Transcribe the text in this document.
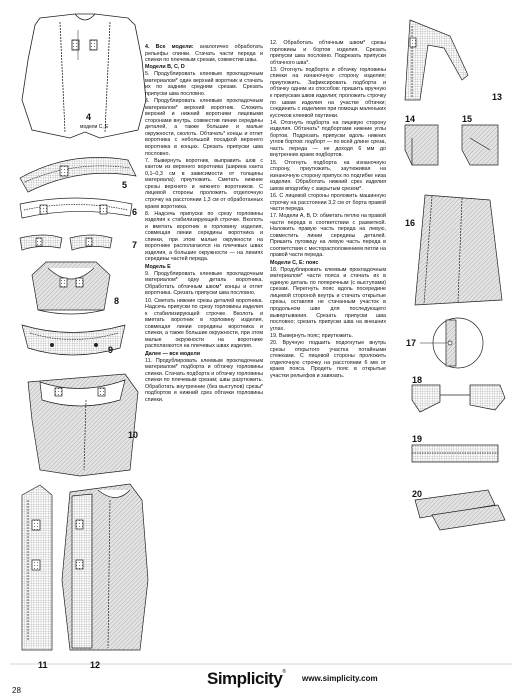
4
модели C, E
5
6
7
8
9
10
11	12
13
14	15
16
17
18
19
20

4. Все модели: аналогично обработать рельефы спинки. Стачать части переда и спинки по плечевым срезам, совместив швы.

Модели B, C, D

5. Продублировать клеевым прокладочным материалом* один верхний воротник и стачать их по задним средним срезам. Срезать припуски шва пословно.

6. Продублировать клеевым прокладочным материалом* верхний воротник. Сложить верхний и нижний воротники лицевыми сторонами внутрь, совместив линии середины деталей, а также большие и малые окружности, сколоть. Обтачать* концы и отлет воротника с небольшой посадкой верхнего воротника в концах. Срезать припуски шва пословно.

7. Вывернуть воротник, выправить шов с кантом из верхнего воротника (ширина канта 0,1–0,3 см в зависимости от толщины материала); приутюжить. Сметать нижние срезы верхнего и нижнего воротников. С лицевой стороны проложить отделочную строчку на расстоянии 1,3 см от обработанных краев воротника.

8. Надсечь припуски по срезу горловины изделия к стабилизирующей строчке. Вколоть и вметать воротник в горловину изделия, совмещая линии середины воротника и спинки, при этом малые окружности на воротнике располагаются на плечевых швах изделия, а большие окружности — на линиях середины частей переда.

Модель E

9. Продублировать клеевым прокладочным материалом* одну деталь воротника. Обработать обтачным швом* концы и отлет воротника. Срезать припуски шва пословно.

10. Сметать нижние срезы деталей воротника. Надсечь припуски по срезу горловины изделия к стабилизирующей строчке. Вколоть и вметать воротник в горловину изделия, совмещая линии середины воротника и спинки, а также большие окружности, при этом малые окружности на воротнике располагаются на плечевых швах изделия.

Далее — все модели

11. Продублировать клеевым прокладочным материалом* подборта и обтачку горловины спинки. Стачать подборта и обтачку горловины спинки по плечевым срезам; швы разутюжить. Обработать внутренние (без выступов) срезы* подбортов и нижний срез обтачки горловины спинки.

12. Обработать обтачным швом* срезы горловины и бортов изделия. Срезать припуски шва пословно. Подрезать припуски обтачного шва*.

13. Отогнуть подборта и обтачку горловины спинки на изнаночную сторону изделия; приутюжить. Зафиксировать подборта и обтачку одним из способов: пришить вручную к припускам швов изделия; проложить строчку по швам изделия на участке обтачки; соединить с изделием при помощи маленьких кусочков клеевой паутинки.

14. Отогнуть подборта на лицевую сторону изделия. Обтачать* подбортами нижние углы бортов. Подрезать припуски вдоль нижних углов бортов: подборт — по всей длине среза, часть переда — не доходя 6 мм до внутренних краев подбортов.

15. Отогнуть подборта на изнаночную сторону, приутюжить, заутюживая на изнаночную сторону припуск по подгибке низа изделия. Обработать нижний срез изделия швом вподгибку с закрытым срезом*.

16. С лицевой стороны проложить машинную строчку на расстоянии 3,2 см от борта правой части переда.

17. Модели A, B, D: обметать петлю на правой части переда в соответствии с разметкой. Наложить правую часть переда на левую, совместить линии середины деталей. Пришить пуговицу на левую часть переда в соответствии с месторасположением петли на правой части переда.

Модели C, E: пояс

18. Продублировать клеевым прокладочным материалом* части пояса и стачать их в единую деталь по поперечным (с выступами) срезам. Перегнуть пояс вдоль посередине лицевой стороной внутрь и стачать открытые срезы, оставляя не стачанным участок в продольном шве для последующего вывертывания. Срезать припуски шва пословно; срезать припуски шва на внешних углах.

19. Вывернуть пояс; приутюжить.

20. Вручную подшить подогнутые внутрь срезы открытого участка потайными стежками. С лицевой стороны проложить отделочную строчку на расстоянии 6 мм от краев пояса. Продеть пояс в открытые участки рельефов и завязать.

28
Simplicity®
www.simplicity.com
